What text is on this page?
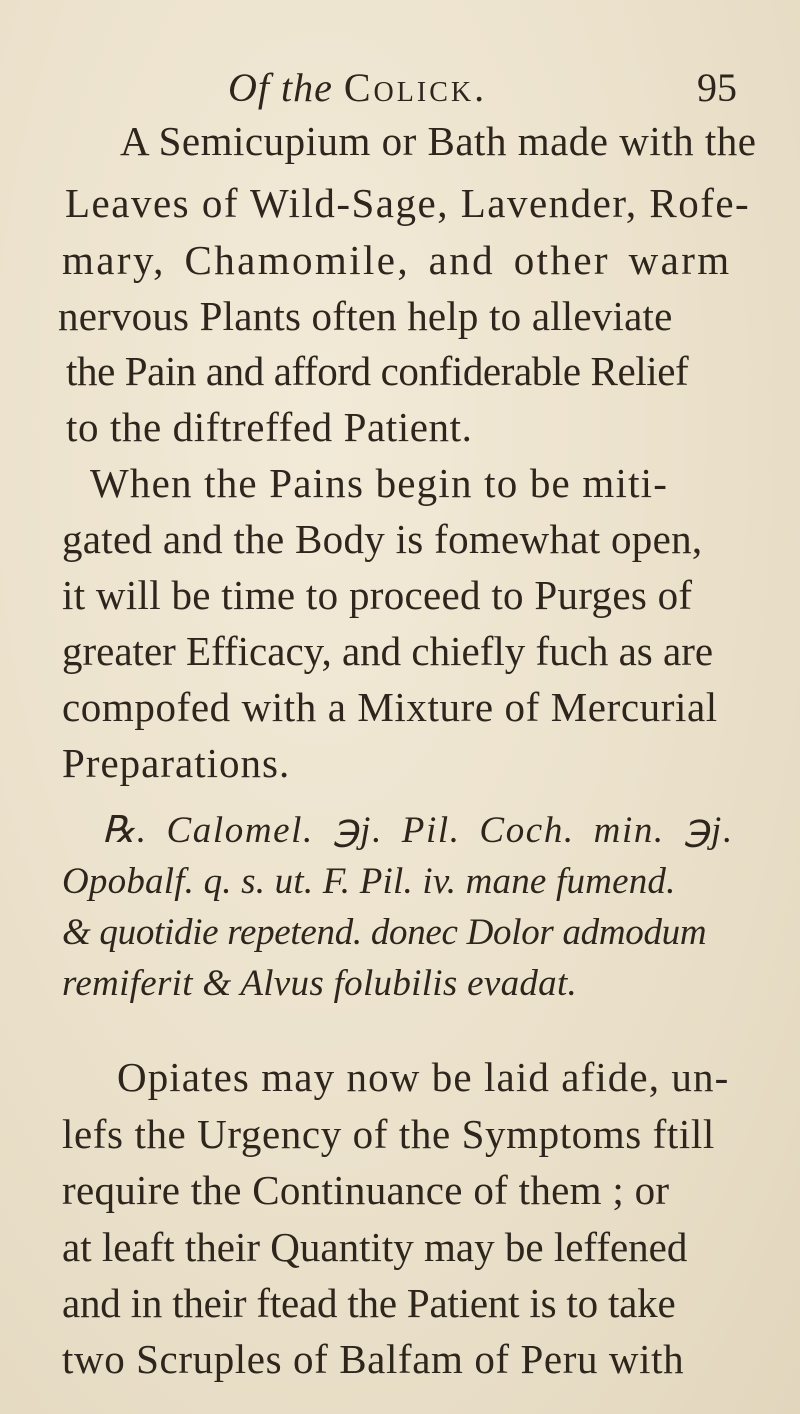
Of the Colick.	95
A Semicupium or Bath made with the
Leaves of Wild-Sage, Lavender, Rofe-
mary, Chamomile, and other warm
nervous Plants often help to alleviate
the Pain and afford confiderable Relief
to the diftreffed Patient.
When the Pains begin to be miti-
gated and the Body is fomewhat open,
it will be time to proceed to Purges of
greater Efficacy, and chiefly fuch as are
compofed with a Mixture of Mercurial
Preparations.
℞. Calomel. ℈j. Pil. Coch. min. ℈j.
Opobalf. q. s. ut. F. Pil. iv. mane fumend.
& quotidie repetend. donec Dolor admodum
remiferit & Alvus folubilis evadat.
Opiates may now be laid afide, un-
lefs the Urgency of the Symptoms ftill
require the Continuance of them ; or
at leaft their Quantity may be leffened
and in their ftead the Patient is to take
two Scruples of Balfam of Peru with
